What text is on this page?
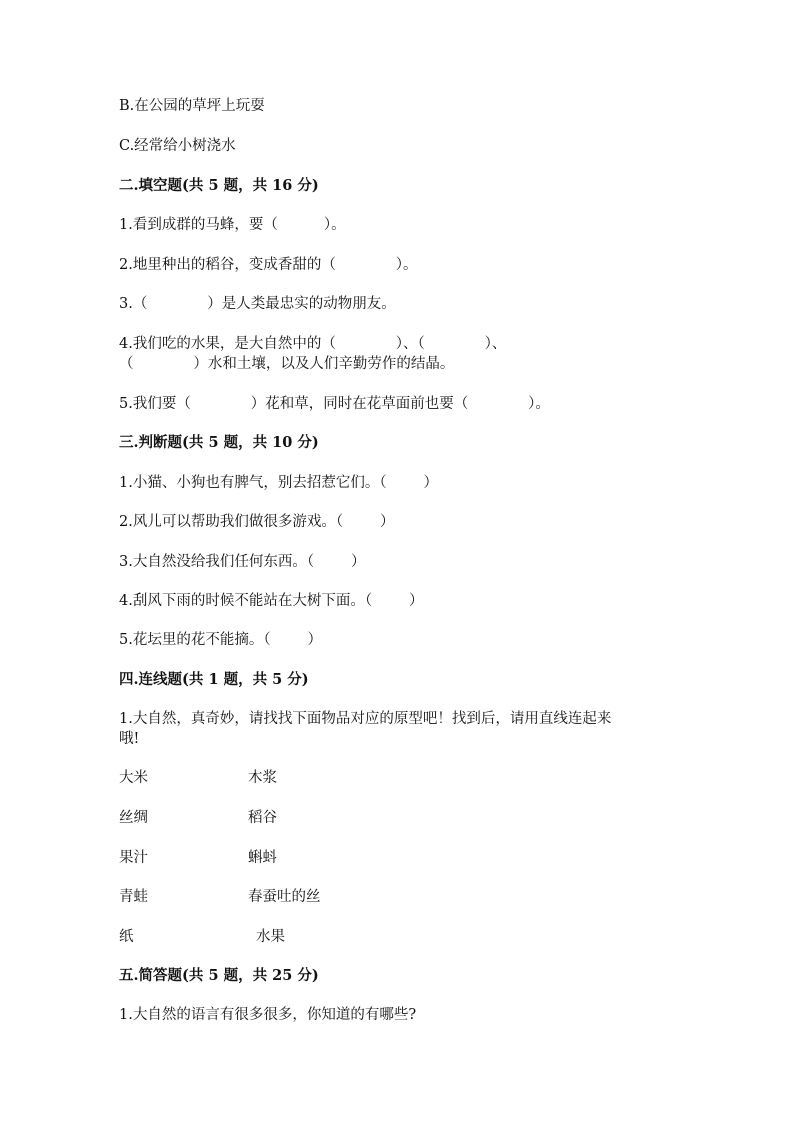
B.在公园的草坪上玩耍
C.经常给小树浇水
二.填空题(共 5 题，共 16 分)
1.看到成群的马蜂，要（          ）。
2.地里种出的稻谷，变成香甜的（             ）。
3.（             ）是人类最忠实的动物朋友。
4.我们吃的水果，是大自然中的（             ）、（             ）、
（             ）水和土壤，以及人们辛勤劳作的结晶。
5.我们要（             ）花和草，同时在花草面前也要（             ）。
三.判断题(共 5 题，共 10 分)
1.小猫、小狗也有脾气，别去招惹它们。（        ）
2.风儿可以帮助我们做很多游戏。（        ）
3.大自然没给我们任何东西。（        ）
4.刮风下雨的时候不能站在大树下面。（        ）
5.花坛里的花不能摘。（        ）
四.连线题(共 1 题，共 5 分)
1.大自然，真奇妙，请找找下面物品对应的原型吧！找到后，请用直线连起来
哦!
大米	木浆
丝绸	稻谷
果汁	蝌蚪
青蛙	春蚕吐的丝
纸	水果
五.简答题(共 5 题，共 25 分)
1.大自然的语言有很多很多，你知道的有哪些?
